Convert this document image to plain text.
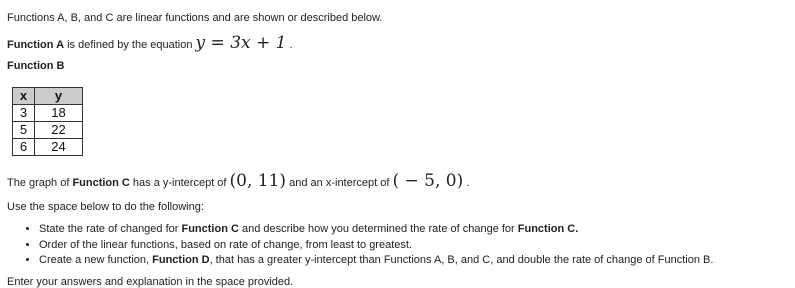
Functions A, B, and C are linear functions and are shown or described below.
Function A is defined by the equation y = 3x + 1 .
Function B
x	y
3	18
5	22
6	24
The graph of Function C has a y-intercept of (0, 11) and an x-intercept of ( − 5, 0) .
Use the space below to do the following:
• State the rate of changed for Function C and describe how you determined the rate of change for Function C.
• Order of the linear functions, based on rate of change, from least to greatest.
• Create a new function, Function D, that has a greater y-intercept than Functions A, B, and C, and double the rate of change of Function B.
Enter your answers and explanation in the space provided.
